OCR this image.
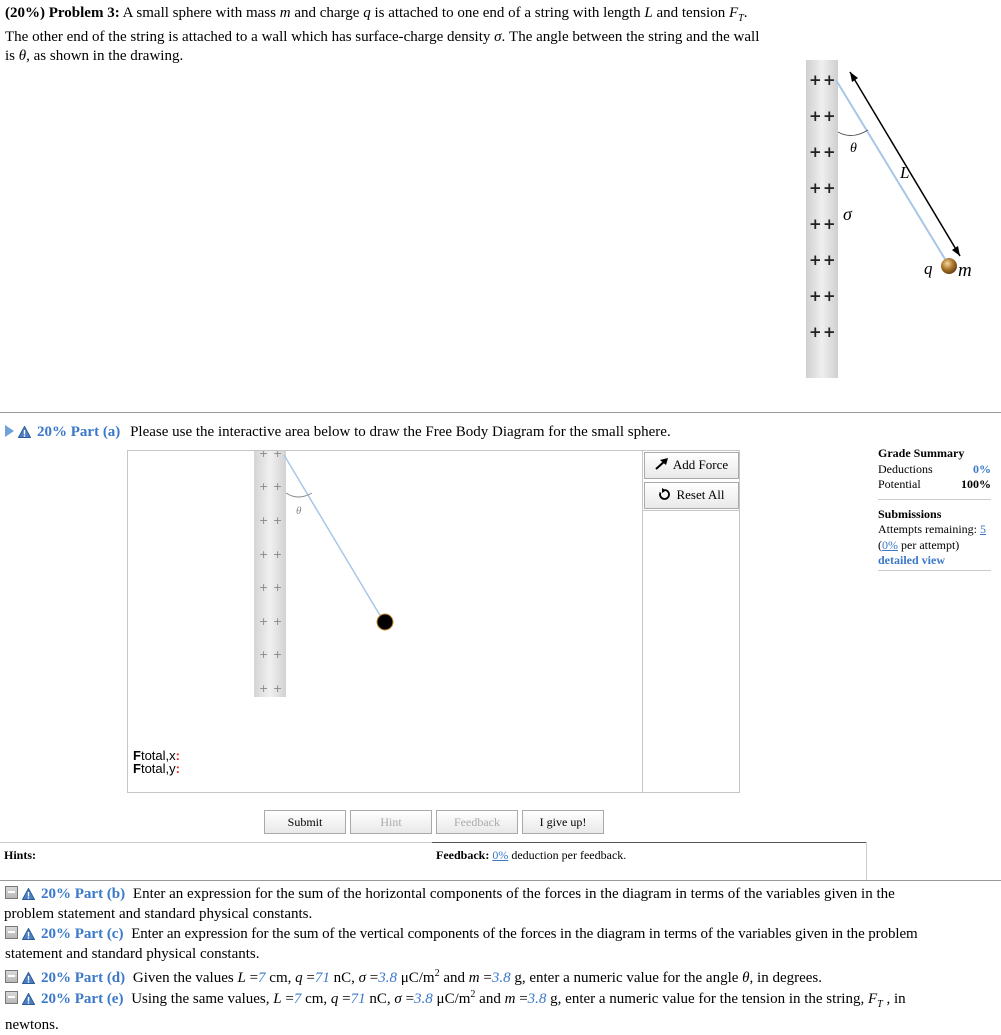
(20%) Problem 3: A small sphere with mass m and charge q is attached to one end of a string with length L and tension $F_T$. The other end of the string is attached to a wall which has surface-charge density σ. The angle between the string and the wall is θ, as shown in the drawing.
+ +
+ +
+ +
+ +
+ +
+ +
+ +
+ +
θ
L
σ
q m
20% Part (a) Please use the interactive area below to draw the Free Body Diagram for the small sphere.
+ +
+ +
+ +
+ +
+ +
+ +
+ +
+ +
θ
Add Force
Reset All
Ftotal,x:
Ftotal,y:
Grade Summary
Deductions	0%
Potential	100%
Submissions
Attempts remaining: 5
(0% per attempt)
detailed view
Submit	Hint	Feedback	I give up!
Hints:	Feedback: 0% deduction per feedback.
20% Part (b) Enter an expression for the sum of the horizontal components of the forces in the diagram in terms of the variables given in the
problem statement and standard physical constants.
20% Part (c) Enter an expression for the sum of the vertical components of the forces in the diagram in terms of the variables given in the problem
statement and standard physical constants.
20% Part (d) Given the values L =7 cm, q =71 nC, σ =3.8 $\mu C/m^2$ and m =3.8 g, enter a numeric value for the angle θ, in degrees.
20% Part (e) Using the same values, L =7 cm, q =71 nC, σ =3.8 $\mu C/m^2$ and m =3.8 g, enter a numeric value for the tension in the string, $F_T$ , in
newtons.
